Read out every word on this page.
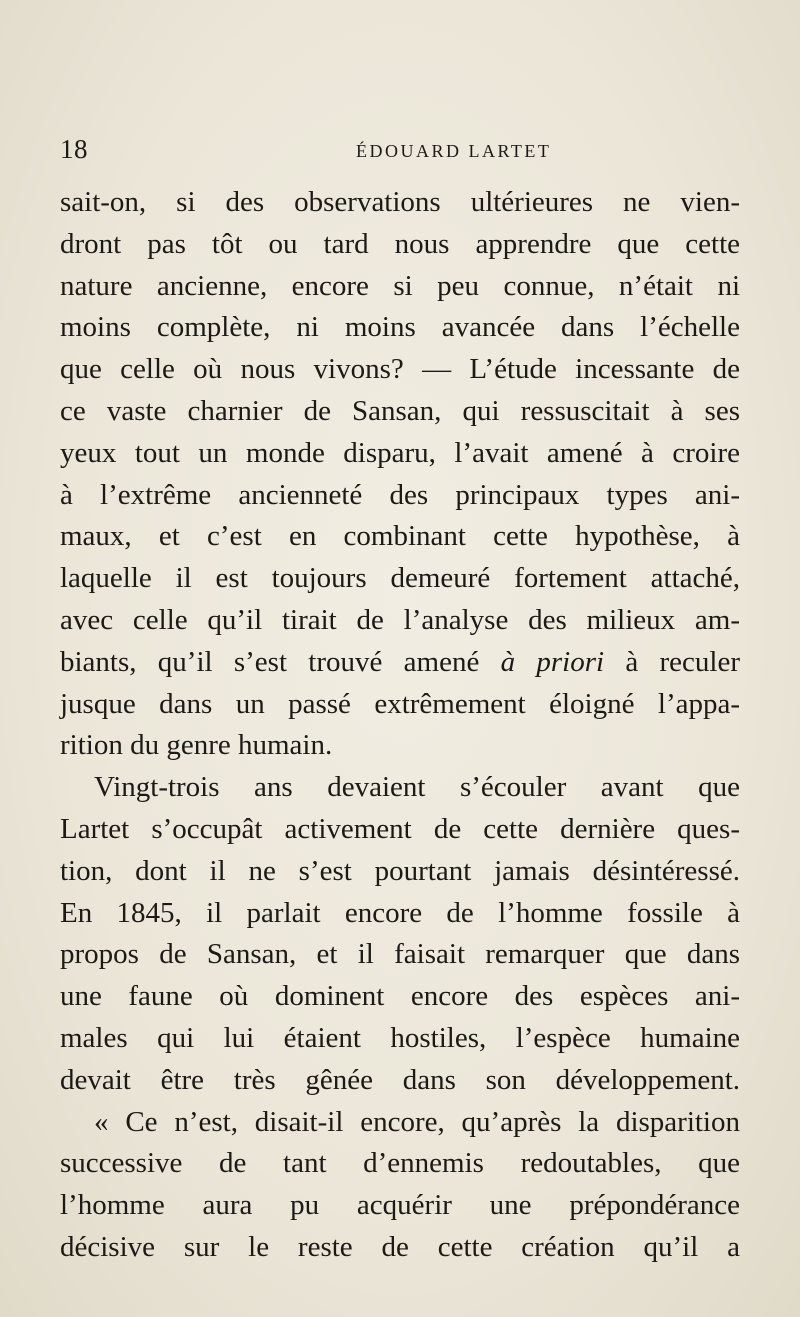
18	ÉDOUARD LARTET
sait-on, si des observations ultérieures ne vien-
dront pas tôt ou tard nous apprendre que cette
nature ancienne, encore si peu connue, n’était ni
moins complète, ni moins avancée dans l’échelle
que celle où nous vivons? — L’étude incessante de
ce vaste charnier de Sansan, qui ressuscitait à ses
yeux tout un monde disparu, l’avait amené à croire
à l’extrême ancienneté des principaux types ani-
maux, et c’est en combinant cette hypothèse, à
laquelle il est toujours demeuré fortement attaché,
avec celle qu’il tirait de l’analyse des milieux am-
biants, qu’il s’est trouvé amené à priori à reculer
jusque dans un passé extrêmement éloigné l’appa-
rition du genre humain.
Vingt-trois ans devaient s’écouler avant que
Lartet s’occupât activement de cette dernière ques-
tion, dont il ne s’est pourtant jamais désintéressé.
En 1845, il parlait encore de l’homme fossile à
propos de Sansan, et il faisait remarquer que dans
une faune où dominent encore des espèces ani-
males qui lui étaient hostiles, l’espèce humaine
devait être très gênée dans son développement.
« Ce n’est, disait-il encore, qu’après la disparition
successive de tant d’ennemis redoutables, que
l’homme aura pu acquérir une prépondérance
décisive sur le reste de cette création qu’il a
